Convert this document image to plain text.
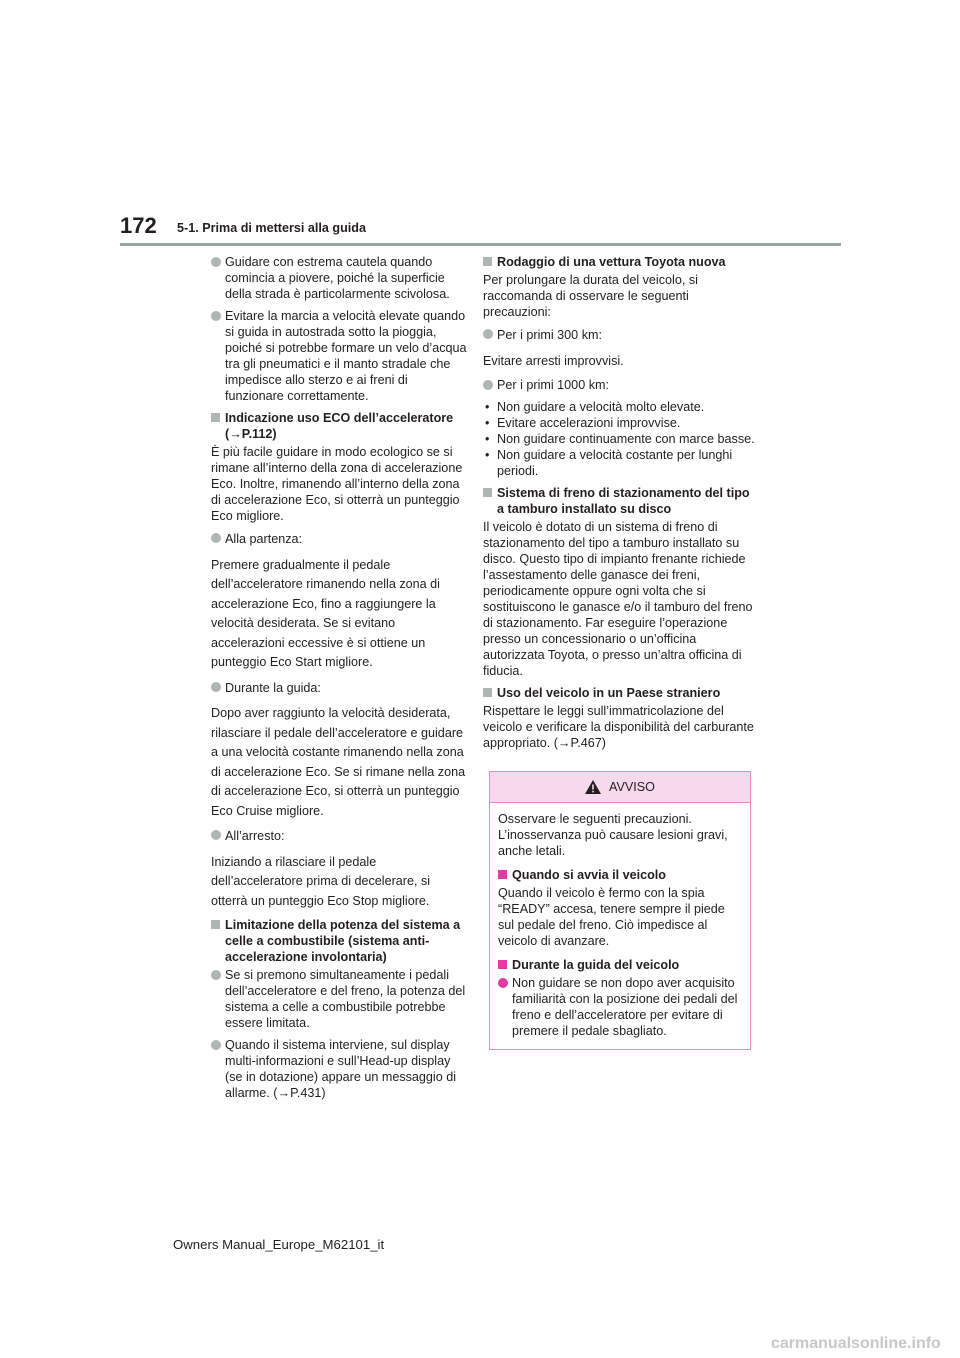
172 5-1. Prima di mettersi alla guida

Guidare con estrema cautela quando comincia a piovere, poiché la superficie della strada è particolarmente scivolosa.

Evitare la marcia a velocità elevate quando si guida in autostrada sotto la pioggia, poiché si potrebbe formare un velo d’acqua tra gli pneumatici e il manto stradale che impedisce allo sterzo e ai freni di funzionare correttamente.

Indicazione uso ECO dell’acceleratore (→P.112)

È più facile guidare in modo ecologico se si rimane all’interno della zona di accelerazione Eco. Inoltre, rimanendo all’interno della zona di accelerazione Eco, si otterrà un punteggio Eco migliore.

Alla partenza:

Premere gradualmente il pedale dell’acceleratore rimanendo nella zona di accelerazione Eco, fino a raggiungere la velocità desiderata. Se si evitano accelerazioni eccessive è si ottiene un punteggio Eco Start migliore.

Durante la guida:

Dopo aver raggiunto la velocità desiderata, rilasciare il pedale dell’acceleratore e guidare a una velocità costante rimanendo nella zona di accelerazione Eco. Se si rimane nella zona di accelerazione Eco, si otterrà un punteggio Eco Cruise migliore.

All’arresto:

Iniziando a rilasciare il pedale dell’acceleratore prima di decelerare, si otterrà un punteggio Eco Stop migliore.

Limitazione della potenza del sistema a celle a combustibile (sistema anti-accelerazione involontaria)

Se si premono simultaneamente i pedali dell’acceleratore e del freno, la potenza del sistema a celle a combustibile potrebbe essere limitata.

Quando il sistema interviene, sul display multi-informazioni e sull’Head-up display (se in dotazione) appare un messaggio di allarme. (→P.431)

Rodaggio di una vettura Toyota nuova

Per prolungare la durata del veicolo, si raccomanda di osservare le seguenti precauzioni:

Per i primi 300 km:

Evitare arresti improvvisi.

Per i primi 1000 km:

• Non guidare a velocità molto elevate.
• Evitare accelerazioni improvvise.
• Non guidare continuamente con marce basse.
• Non guidare a velocità costante per lunghi periodi.
Sistema di freno di stazionamento del tipo a tamburo installato su disco

Il veicolo è dotato di un sistema di freno di stazionamento del tipo a tamburo installato su disco. Questo tipo di impianto frenante richiede l’assestamento delle ganasce dei freni, periodicamente oppure ogni volta che si sostituiscono le ganasce e/o il tamburo del freno di stazionamento. Far eseguire l’operazione presso un concessionario o un’officina autorizzata Toyota, o presso un’altra officina di fiducia.

Uso del veicolo in un Paese straniero

Rispettare le leggi sull’immatricolazione del veicolo e verificare la disponibilità del carburante appropriato. (→P.467)

AVVISO

Osservare le seguenti precauzioni. L’inosservanza può causare lesioni gravi, anche letali.

Quando si avvia il veicolo

Quando il veicolo è fermo con la spia “READY” accesa, tenere sempre il piede sul pedale del freno. Ciò impedisce al veicolo di avanzare.

Durante la guida del veicolo

Non guidare se non dopo aver acquisito familiarità con la posizione dei pedali del freno e dell’acceleratore per evitare di premere il pedale sbagliato.

Owners Manual_Europe_M62101_it
carmanualsonline.info
